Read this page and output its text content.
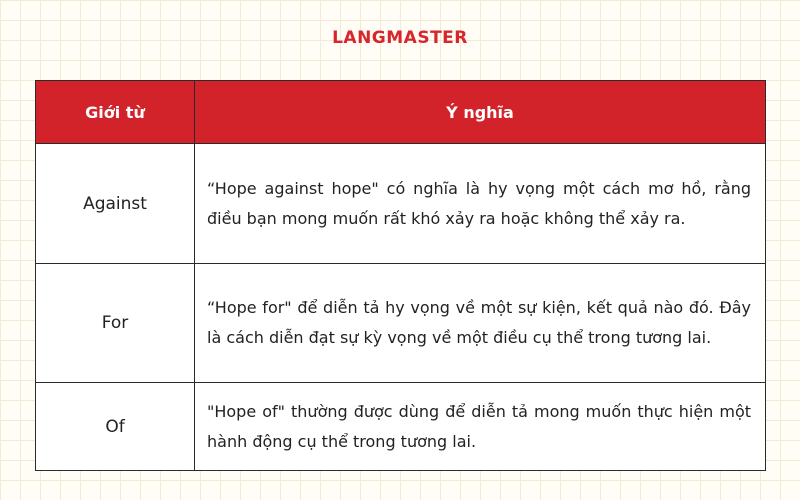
LANGMASTER
Giới từ	Ý nghĩa
Against	“Hope against hope" có nghĩa là hy vọng một cách mơ hồ, rằng điều bạn mong muốn rất khó xảy ra hoặc không thể xảy ra.
For	“Hope for" để diễn tả hy vọng về một sự kiện, kết quả nào đó. Đây là cách diễn đạt sự kỳ vọng về một điều cụ thể trong tương lai.
Of	"Hope of" thường được dùng để diễn tả mong muốn thực hiện một hành động cụ thể trong tương lai.
